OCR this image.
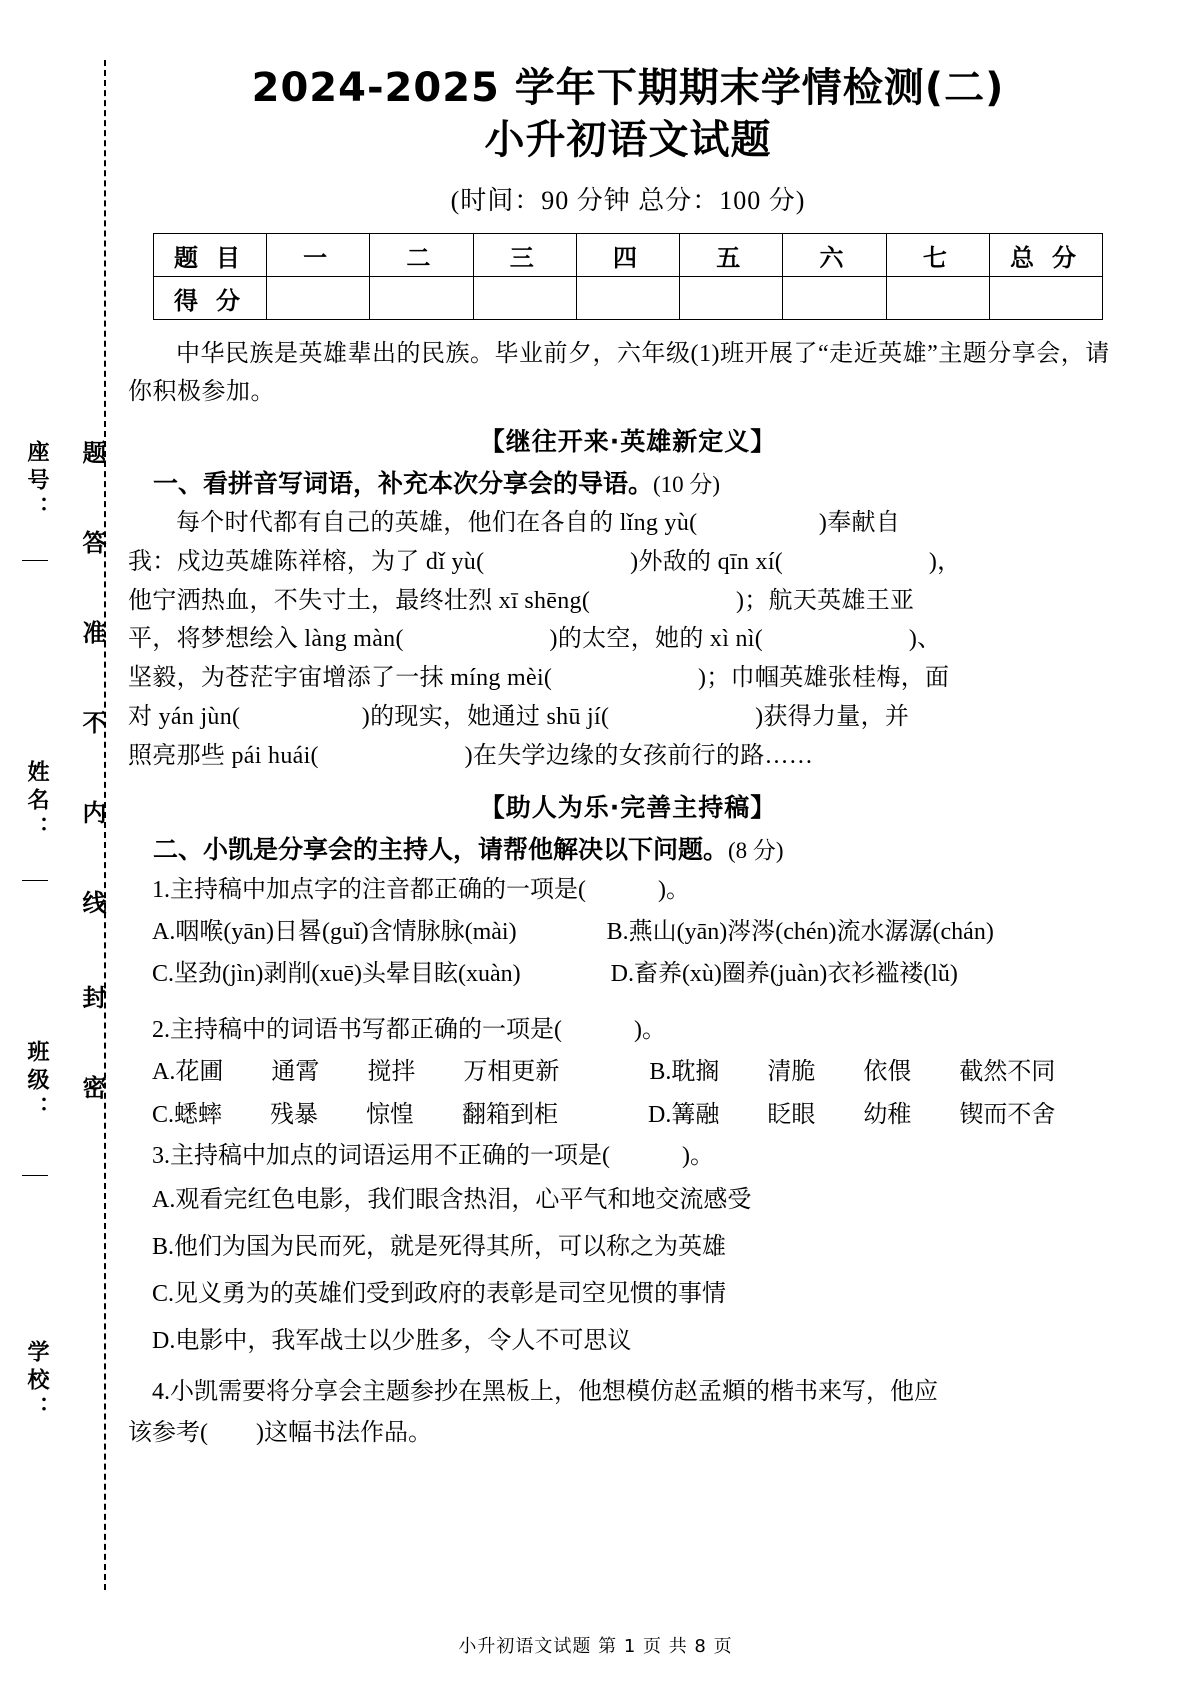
座号：
姓名：
班级：
学校：
题
答
准
不
内
线
封
密
2024-2025 学年下期期末学情检测(二)
小升初语文试题
(时间：90 分钟 总分：100 分)
题 目	一	二	三	四	五	六	七	总 分
得 分								

中华民族是英雄辈出的民族。毕业前夕，六年级(1)班开展了“走近英雄”主题分享会，请你积极参加。

【继往开来·英雄新定义】
一、看拼音写词语，补充本次分享会的导语。(10 分)

每个时代都有自己的英雄，他们在各自的 lǐng yù(　　　　　)奉献自

我：戍边英雄陈祥榕，为了 dǐ yù(　　　　　　)外敌的 qīn xí(　　　　　　)，

他宁洒热血，不失寸土，最终壮烈 xī shēng(　　　　　　)；航天英雄王亚

平，将梦想绘入 làng màn(　　　　　　)的太空，她的 xì nì(　　　　　　)、

坚毅，为苍茫宇宙增添了一抹 míng mèi(　　　　　　)；巾帼英雄张桂梅，面

对 yán jùn(　　　　　)的现实，她通过 shū jí(　　　　　　)获得力量，并

照亮那些 pái huái(　　　　　　)在失学边缘的女孩前行的路……

【助人为乐·完善主持稿】
二、小凯是分享会的主持人，请帮他解决以下问题。(8 分)

1.主持稿中加点字的注音都正确的一项是(　　　)。

A.咽喉(yān)日晷(guǐ)含情脉脉(mài)	B.燕山(yān)涔涔(chén)流水潺潺(chán)

C.坚劲(jìn)剥削(xuē)头晕目眩(xuàn)	D.畜养(xù)圈养(juàn)衣衫褴褛(lǔ)

2.主持稿中的词语书写都正确的一项是(　　　)。

A.花圃　　通霄　　搅拌　　万相更新	B.耽搁　　清脆　　依偎　　截然不同

C.蟋蟀　　残暴　　惊惶　　翻箱到柜	D.篝融　　眨眼　　幼稚　　锲而不舍

3.主持稿中加点的词语运用不正确的一项是(　　　)。

A.观看完红色电影，我们眼含热泪，心平气和地交流感受

B.他们为国为民而死，就是死得其所，可以称之为英雄

C.见义勇为的英雄们受到政府的表彰是司空见惯的事情

D.电影中，我军战士以少胜多，令人不可思议

4.小凯需要将分享会主题参抄在黑板上，他想模仿赵孟頫的楷书来写，他应

该参考(　　)这幅书法作品。

小升初语文试题 第 1 页 共 8 页
